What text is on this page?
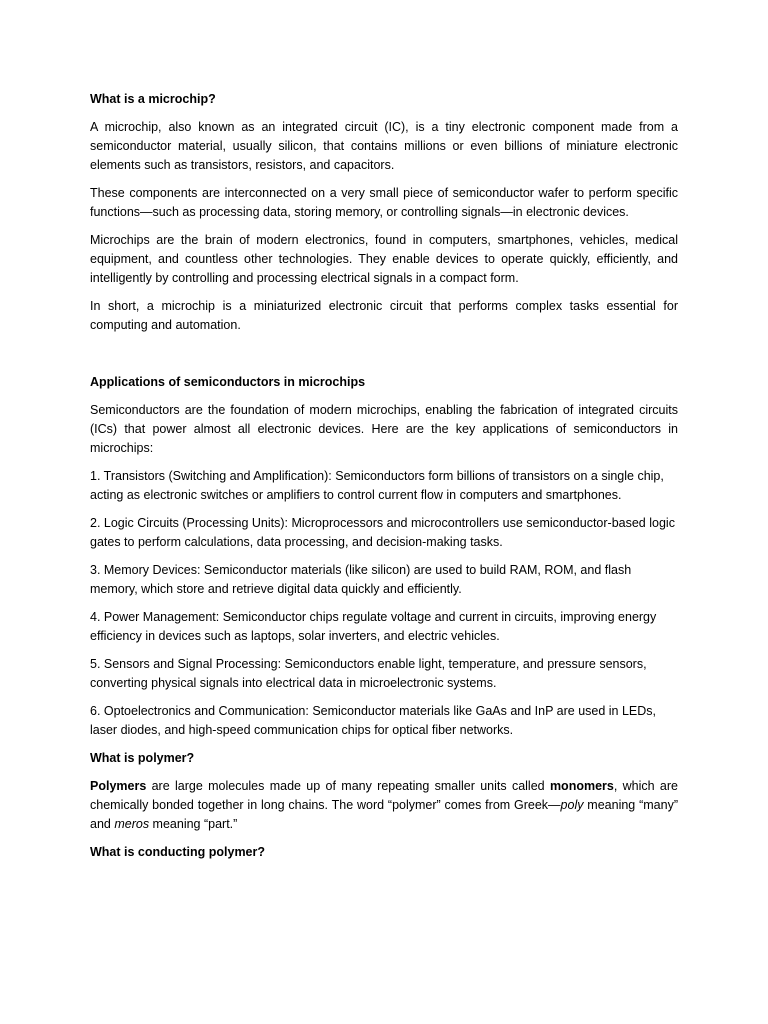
What is a microchip?

A microchip, also known as an integrated circuit (IC), is a tiny electronic component made from a semiconductor material, usually silicon, that contains millions or even billions of miniature electronic elements such as transistors, resistors, and capacitors.

These components are interconnected on a very small piece of semiconductor wafer to perform specific functions—such as processing data, storing memory, or controlling signals—in electronic devices.

Microchips are the brain of modern electronics, found in computers, smartphones, vehicles, medical equipment, and countless other technologies. They enable devices to operate quickly, efficiently, and intelligently by controlling and processing electrical signals in a compact form.

In short, a microchip is a miniaturized electronic circuit that performs complex tasks essential for computing and automation.

Applications of semiconductors in microchips

Semiconductors are the foundation of modern microchips, enabling the fabrication of integrated circuits (ICs) that power almost all electronic devices. Here are the key applications of semiconductors in microchips:

1. Transistors (Switching and Amplification): Semiconductors form billions of transistors on a single chip, acting as electronic switches or amplifiers to control current flow in computers and smartphones.

2. Logic Circuits (Processing Units): Microprocessors and microcontrollers use semiconductor-based logic gates to perform calculations, data processing, and decision-making tasks.

3. Memory Devices: Semiconductor materials (like silicon) are used to build RAM, ROM, and flash memory, which store and retrieve digital data quickly and efficiently.

4. Power Management: Semiconductor chips regulate voltage and current in circuits, improving energy efficiency in devices such as laptops, solar inverters, and electric vehicles.

5. Sensors and Signal Processing: Semiconductors enable light, temperature, and pressure sensors, converting physical signals into electrical data in microelectronic systems.

6. Optoelectronics and Communication: Semiconductor materials like GaAs and InP are used in LEDs, laser diodes, and high-speed communication chips for optical fiber networks.

What is polymer?

Polymers are large molecules made up of many repeating smaller units called monomers, which are chemically bonded together in long chains. The word “polymer” comes from Greek—poly meaning “many” and meros meaning “part.”

What is conducting polymer?
